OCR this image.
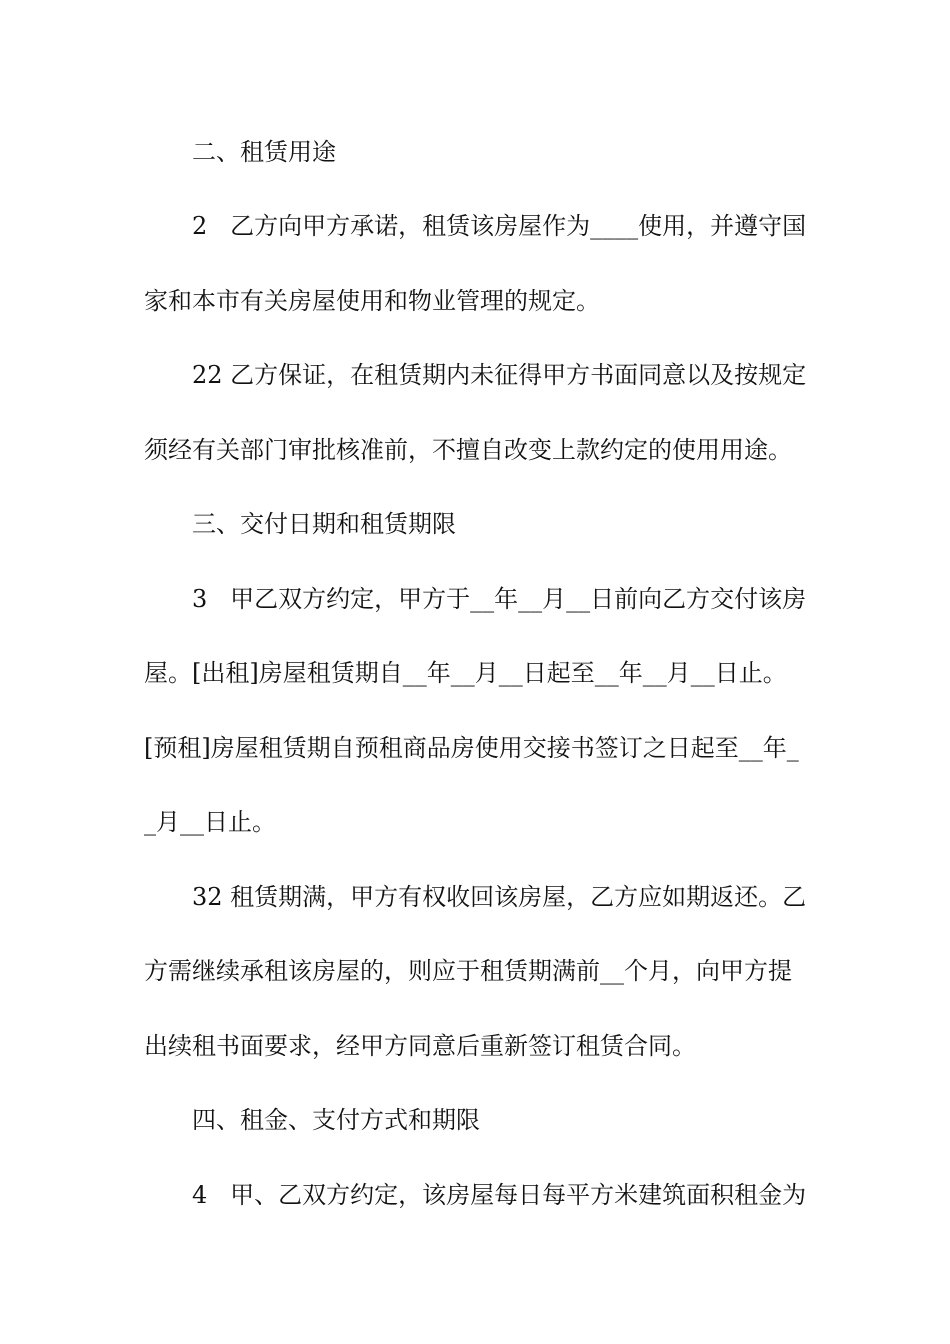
二、租赁用途

2   乙方向甲方承诺，租赁该房屋作为____使用，并遵守国

家和本市有关房屋使用和物业管理的规定。

22 乙方保证，在租赁期内未征得甲方书面同意以及按规定

须经有关部门审批核准前，不擅自改变上款约定的使用用途。

三、交付日期和租赁期限

3   甲乙双方约定，甲方于__年__月__日前向乙方交付该房

屋。[出租]房屋租赁期自__年__月__日起至__年__月__日止。

[预租]房屋租赁期自预租商品房使用交接书签订之日起至__年_

_月__日止。

32 租赁期满，甲方有权收回该房屋，乙方应如期返还。乙

方需继续承租该房屋的，则应于租赁期满前__个月，向甲方提

出续租书面要求，经甲方同意后重新签订租赁合同。

四、租金、支付方式和期限

4   甲、乙双方约定，该房屋每日每平方米建筑面积租金为
